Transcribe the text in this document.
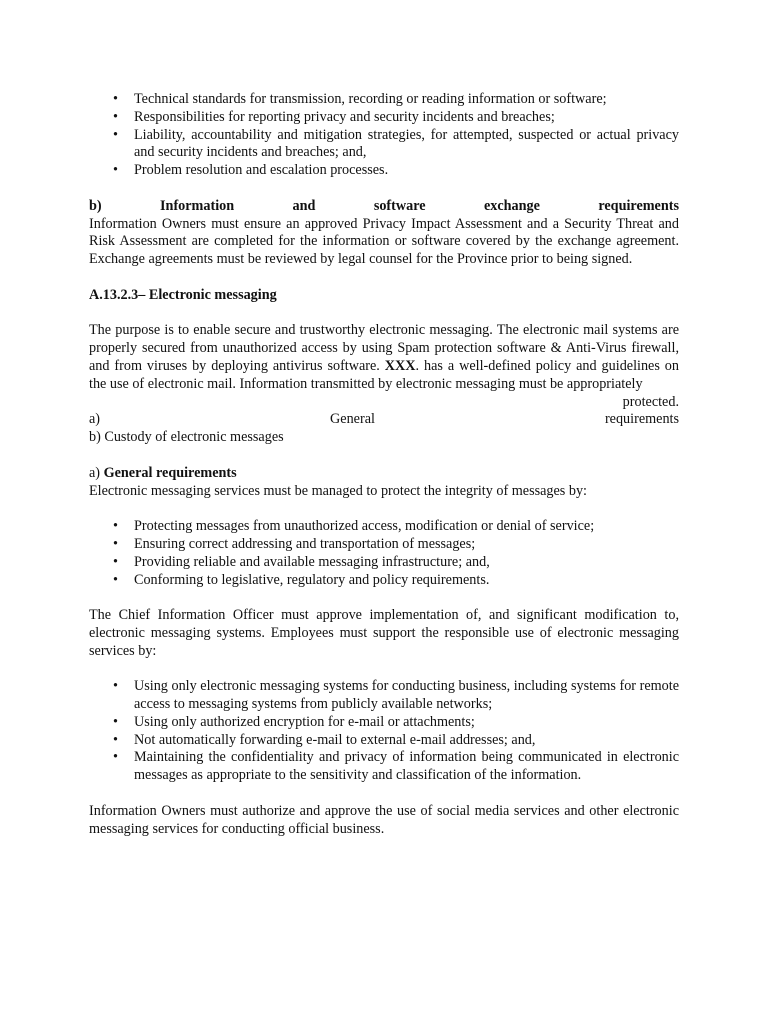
• Technical standards for transmission, recording or reading information or software;
• Responsibilities for reporting privacy and security incidents and breaches;
• Liability, accountability and mitigation strategies, for attempted, suspected or actual privacy and security incidents and breaches; and,
• Problem resolution and escalation processes.
b)	Information	and	software	exchange	requirements

Information Owners must ensure an approved Privacy Impact Assessment and a Security Threat and Risk Assessment are completed for the information or software covered by the exchange agreement. Exchange agreements must be reviewed by legal counsel for the Province prior to being signed.

A.13.2.3– Electronic messaging

The purpose is to enable secure and trustworthy electronic messaging. The electronic mail systems are properly secured from unauthorized access by using Spam protection software & Anti-Virus firewall, and from viruses by deploying antivirus software. XXX. has a well-defined policy and guidelines on the use of electronic mail. Information transmitted by electronic messaging must be appropriately

protected.
a)	General	requirements
b) Custody of electronic messages
a) General requirements

Electronic messaging services must be managed to protect the integrity of messages by:

• Protecting messages from unauthorized access, modification or denial of service;
• Ensuring correct addressing and transportation of messages;
• Providing reliable and available messaging infrastructure; and,
• Conforming to legislative, regulatory and policy requirements.

The Chief Information Officer must approve implementation of, and significant modification to, electronic messaging systems. Employees must support the responsible use of electronic messaging services by:

• Using only electronic messaging systems for conducting business, including systems for remote access to messaging systems from publicly available networks;
• Using only authorized encryption for e-mail or attachments;
• Not automatically forwarding e-mail to external e-mail addresses; and,
• Maintaining the confidentiality and privacy of information being communicated in electronic messages as appropriate to the sensitivity and classification of the information.

Information Owners must authorize and approve the use of social media services and other electronic messaging services for conducting official business.
